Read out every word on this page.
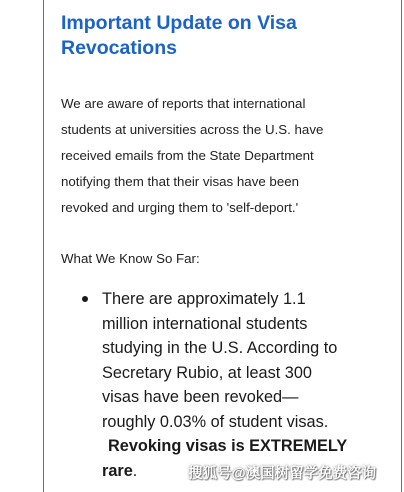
Important Update on Visa Revocations

We are aware of reports that international
students at universities across the U.S. have
received emails from the State Department
notifying them that their visas have been
revoked and urging them to 'self-deport.'

What We Know So Far:

There are approximately 1.1
million international students
studying in the U.S. According to
Secretary Rubio, at least 300
visas have been revoked—
roughly 0.03% of student visas.
Revoking visas is EXTREMELY
rare.	搜狐号@澳国树留学免费咨询
